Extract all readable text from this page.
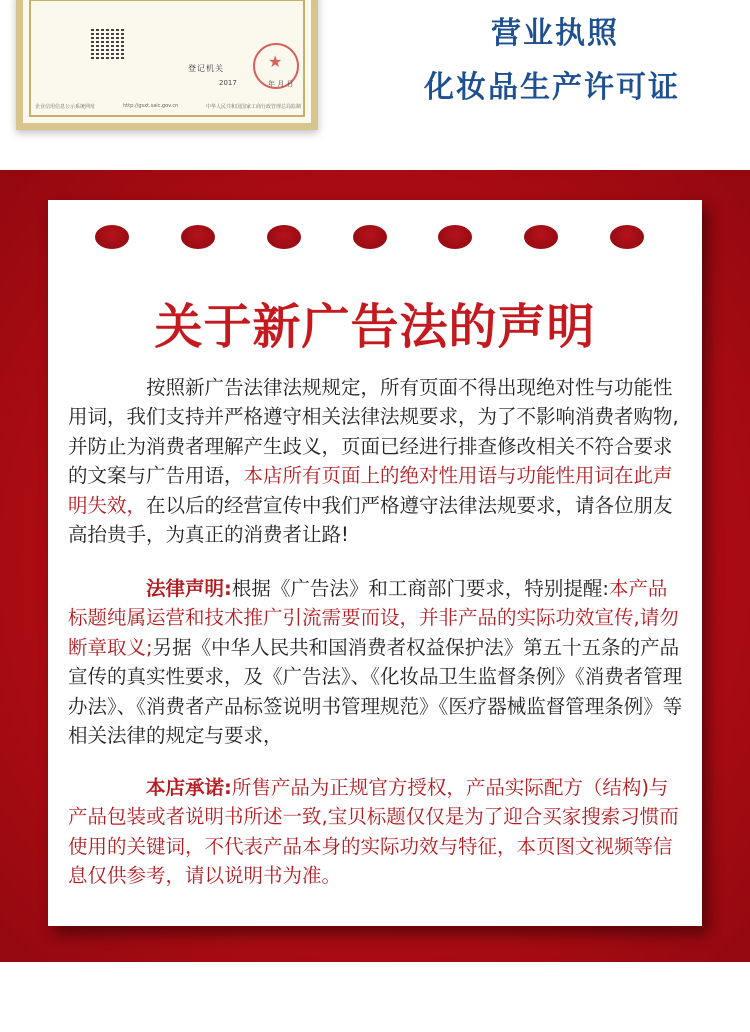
登记机关	★
2017	年 月 日
企业信用信息公示系统网址	http://gsxt.saic.gov.cn	中华人民共和国国家工商行政管理总局监制
营业执照
化妆品生产许可证
关于新广告法的声明

按照新广告法律法规规定，所有页面不得出现绝对性与功能性用词，我们支持并严格遵守相关法律法规要求，为了不影响消费者购物,并防止为消费者理解产生歧义，页面已经进行排查修改相关不符合要求的文案与广告用语，本店所有页面上的绝对性用语与功能性用词在此声明失效，在以后的经营宣传中我们严格遵守法律法规要求，请各位朋友高抬贵手，为真正的消费者让路!

法律声明:根据《广告法》和工商部门要求，特别提醒:本产品标题纯属运营和技术推广引流需要而设，并非产品的实际功效宣传,请勿断章取义;另据《中华人民共和国消费者权益保护法》第五十五条的产品宣传的真实性要求，及《广告法》、《化妆品卫生监督条例》《消费者管理办法》、《消费者产品标签说明书管理规范》《医疗器械监督管理条例》等相关法律的规定与要求，

本店承诺:所售产品为正规官方授权，产品实际配方（结构)与产品包装或者说明书所述一致,宝贝标题仅仅是为了迎合买家搜索习惯而使用的关键词，不代表产品本身的实际功效与特征，本页图文视频等信息仅供参考，请以说明书为准。
